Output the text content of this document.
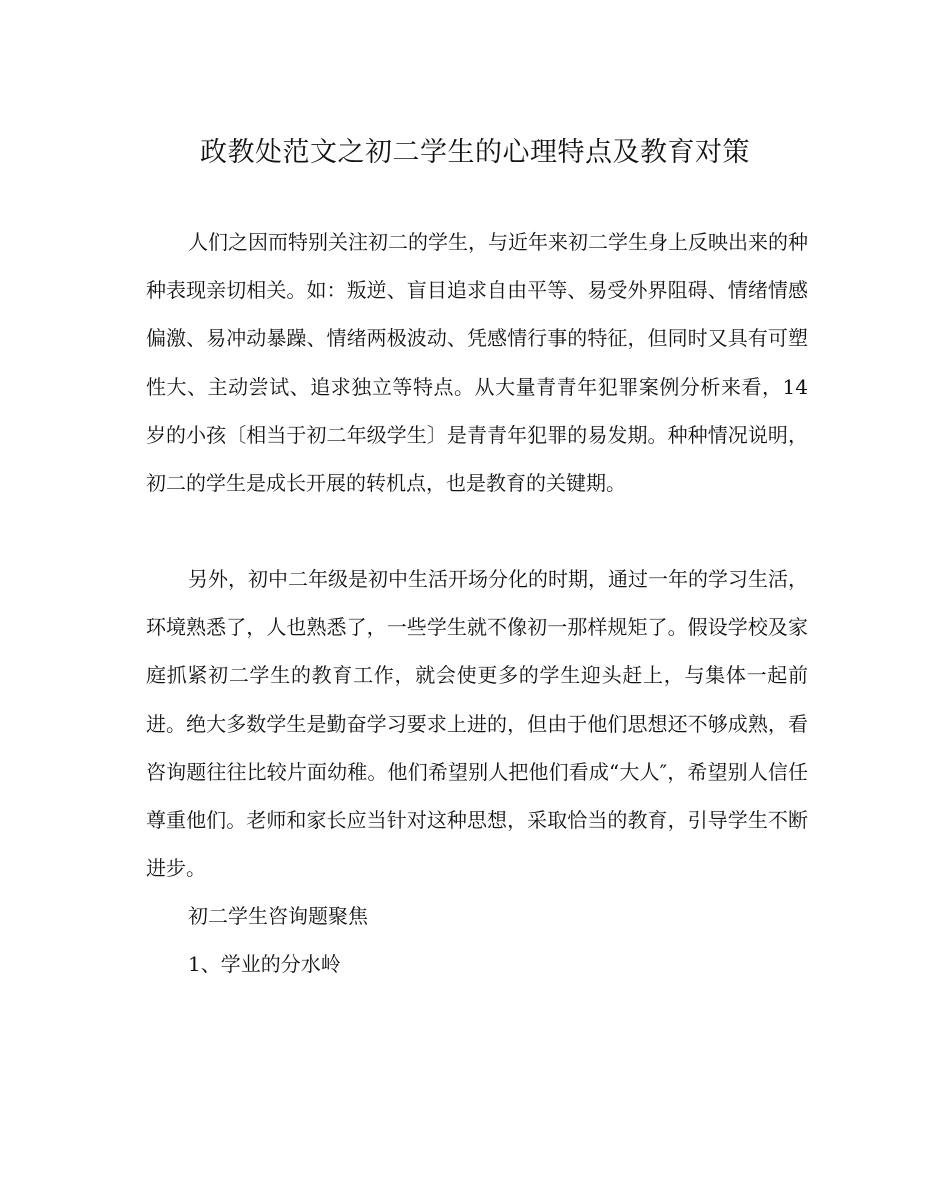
政教处范文之初二学生的心理特点及教育对策

人们之因而特别关注初二的学生，与近年来初二学生身上反映出来的种种表现亲切相关。如：叛逆、盲目追求自由平等、易受外界阻碍、情绪情感偏激、易冲动暴躁、情绪两极波动、凭感情行事的特征，但同时又具有可塑性大、主动尝试、追求独立等特点。从大量青青年犯罪案例分析来看，14岁的小孩〔相当于初二年级学生〕是青青年犯罪的易发期。种种情况说明，初二的学生是成长开展的转机点，也是教育的关键期。

另外，初中二年级是初中生活开场分化的时期，通过一年的学习生活，环境熟悉了，人也熟悉了，一些学生就不像初一那样规矩了。假设学校及家庭抓紧初二学生的教育工作，就会使更多的学生迎头赶上，与集体一起前进。绝大多数学生是勤奋学习要求上进的，但由于他们思想还不够成熟，看咨询题往往比较片面幼稚。他们希望别人把他们看成“大人″，希望别人信任尊重他们。老师和家长应当针对这种思想，采取恰当的教育，引导学生不断进步。

初二学生咨询题聚焦

1、学业的分水岭
